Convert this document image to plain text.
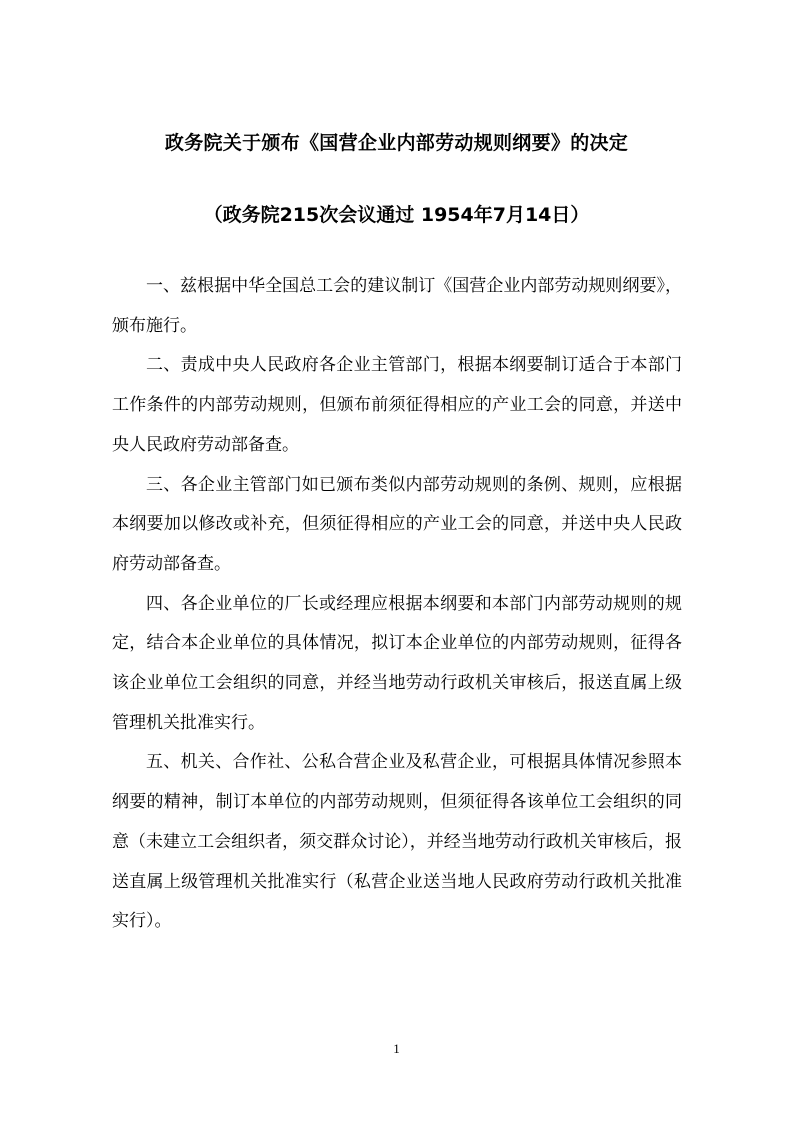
政务院关于颁布《国营企业内部劳动规则纲要》的决定
（政务院215次会议通过 1954年7月14日）

一、兹根据中华全国总工会的建议制订《国营企业内部劳动规则纲要》，颁布施行。

二、责成中央人民政府各企业主管部门，根据本纲要制订适合于本部门工作条件的内部劳动规则，但颁布前须征得相应的产业工会的同意，并送中央人民政府劳动部备查。

三、各企业主管部门如已颁布类似内部劳动规则的条例、规则，应根据本纲要加以修改或补充，但须征得相应的产业工会的同意，并送中央人民政府劳动部备查。

四、各企业单位的厂长或经理应根据本纲要和本部门内部劳动规则的规定，结合本企业单位的具体情况，拟订本企业单位的内部劳动规则，征得各该企业单位工会组织的同意，并经当地劳动行政机关审核后，报送直属上级管理机关批准实行。

五、机关、合作社、公私合营企业及私营企业，可根据具体情况参照本纲要的精神，制订本单位的内部劳动规则，但须征得各该单位工会组织的同意（未建立工会组织者，须交群众讨论），并经当地劳动行政机关审核后，报送直属上级管理机关批准实行（私营企业送当地人民政府劳动行政机关批准实行）。

1
